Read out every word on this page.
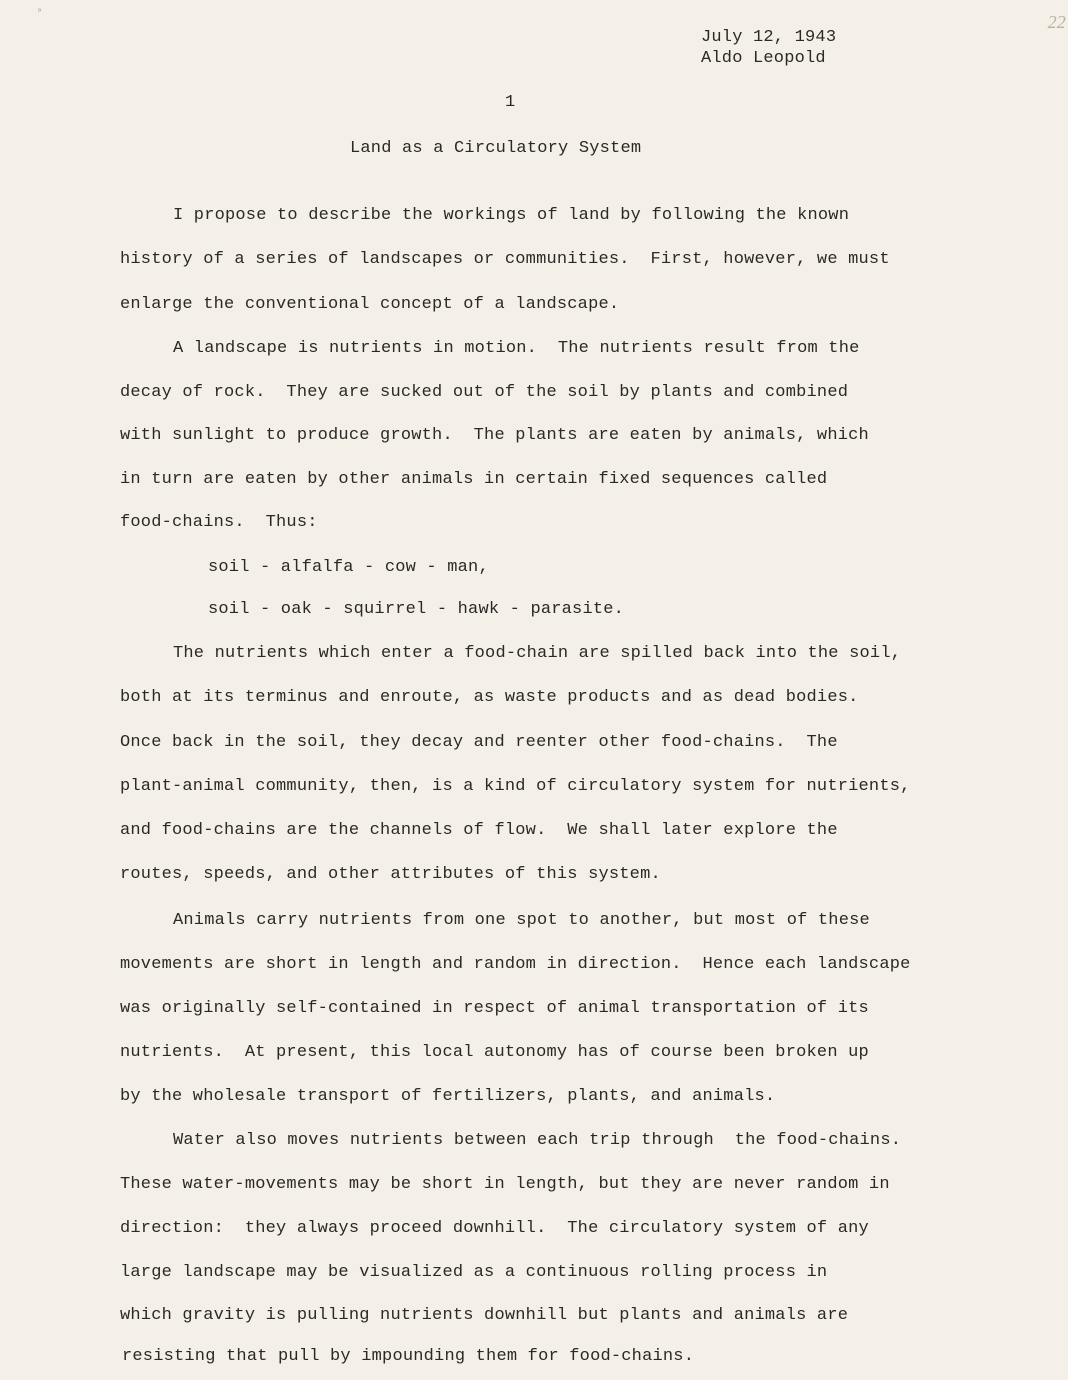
22
°
July 12, 1943
Aldo Leopold
1
Land as a Circulatory System
I propose to describe the workings of land by following the known
history of a series of landscapes or communities.  First, however, we must
enlarge the conventional concept of a landscape.
A landscape is nutrients in motion.  The nutrients result from the
decay of rock.  They are sucked out of the soil by plants and combined
with sunlight to produce growth.  The plants are eaten by animals, which
in turn are eaten by other animals in certain fixed sequences called
food-chains.  Thus:
soil - alfalfa - cow - man,
soil - oak - squirrel - hawk - parasite.
The nutrients which enter a food-chain are spilled back into the soil,
both at its terminus and enroute, as waste products and as dead bodies.
Once back in the soil, they decay and reenter other food-chains.  The
plant-animal community, then, is a kind of circulatory system for nutrients,
and food-chains are the channels of flow.  We shall later explore the
routes, speeds, and other attributes of this system.
Animals carry nutrients from one spot to another, but most of these
movements are short in length and random in direction.  Hence each landscape
was originally self-contained in respect of animal transportation of its
nutrients.  At present, this local autonomy has of course been broken up
by the wholesale transport of fertilizers, plants, and animals.
Water also moves nutrients between each trip through  the food-chains.
These water-movements may be short in length, but they are never random in
direction:  they always proceed downhill.  The circulatory system of any
large landscape may be visualized as a continuous rolling process in
which gravity is pulling nutrients downhill but plants and animals are
resisting that pull by impounding them for food-chains.
